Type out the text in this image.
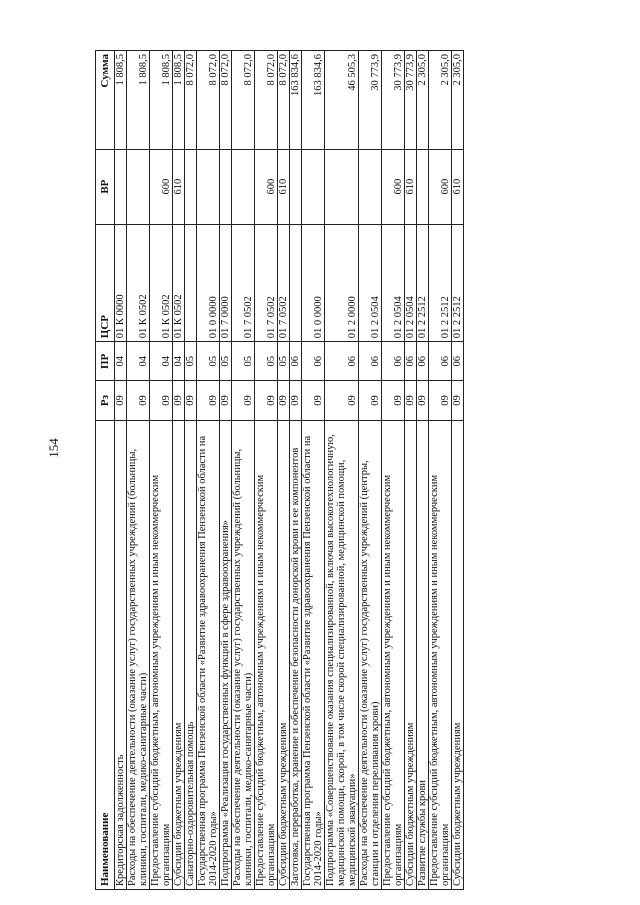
154
Наименование	Рз	ПР	ЦСР	ВР	Сумма
Кредиторская задолженность	09	04	01 К 0000		1 808,5
Расходы на обеспечение деятельности (оказание услуг) государственных учреждений (больницы, клиники, госпитали, медико-санитарные части)	09	04	01 К 0502		1 808,5
Предоставление субсидий бюджетным, автономным учреждениям и иным некоммерческим организациям	09	04	01 К 0502	600	1 808,5
Субсидии бюджетным учреждениям	09	04	01 К 0502	610	1 808,5
Санаторно-оздоровительная помощь	09	05			8 072,0
Государственная программа Пензенской области «Развитие здравоохранения Пензенской области на 2014-2020 годы»	09	05	01 0 0000		8 072,0
Подпрограмма «Реализация государственных функций в сфере здравоохранения»	09	05	01 7 0000		8 072,0
Расходы на обеспечение деятельности (оказание услуг) государственных учреждений (больницы, клиники, госпитали, медико-санитарные части)	09	05	01 7 0502		8 072,0
Предоставление субсидий бюджетным, автономным учреждениям и иным некоммерческим организациям	09	05	01 7 0502	600	8 072,0
Субсидии бюджетным учреждениям	09	05	01 7 0502	610	8 072,0
Заготовка, переработка, хранение и обеспечение безопасности донорской крови и ее компонентов	09	06			163 834,6
Государственная программа Пензенской области «Развитие здравоохранения Пензенской области на 2014-2020 годы»	09	06	01 0 0000		163 834,6
Подпрограмма «Совершенствование оказания специализированной, включая высокотехнологичную, медицинской помощи, скорой, в том числе скорой специализированной, медицинской помощи, медицинской эвакуации»	09	06	01 2 0000		46 505,3
Расходы на обеспечение деятельности (оказание услуг) государственных учреждений (центры, станции и отделения переливания крови)	09	06	01 2 0504		30 773,9
Предоставление субсидий бюджетным, автономным учреждениям и иным некоммерческим организациям	09	06	01 2 0504	600	30 773,9
Субсидии бюджетным учреждениям	09	06	01 2 0504	610	30 773,9
Развитие службы крови	09	06	01 2 2512		2 305,0
Предоставление субсидий бюджетным, автономным учреждениям и иным некоммерческим организациям	09	06	01 2 2512	600	2 305,0
Субсидии бюджетным учреждениям	09	06	01 2 2512	610	2 305,0
